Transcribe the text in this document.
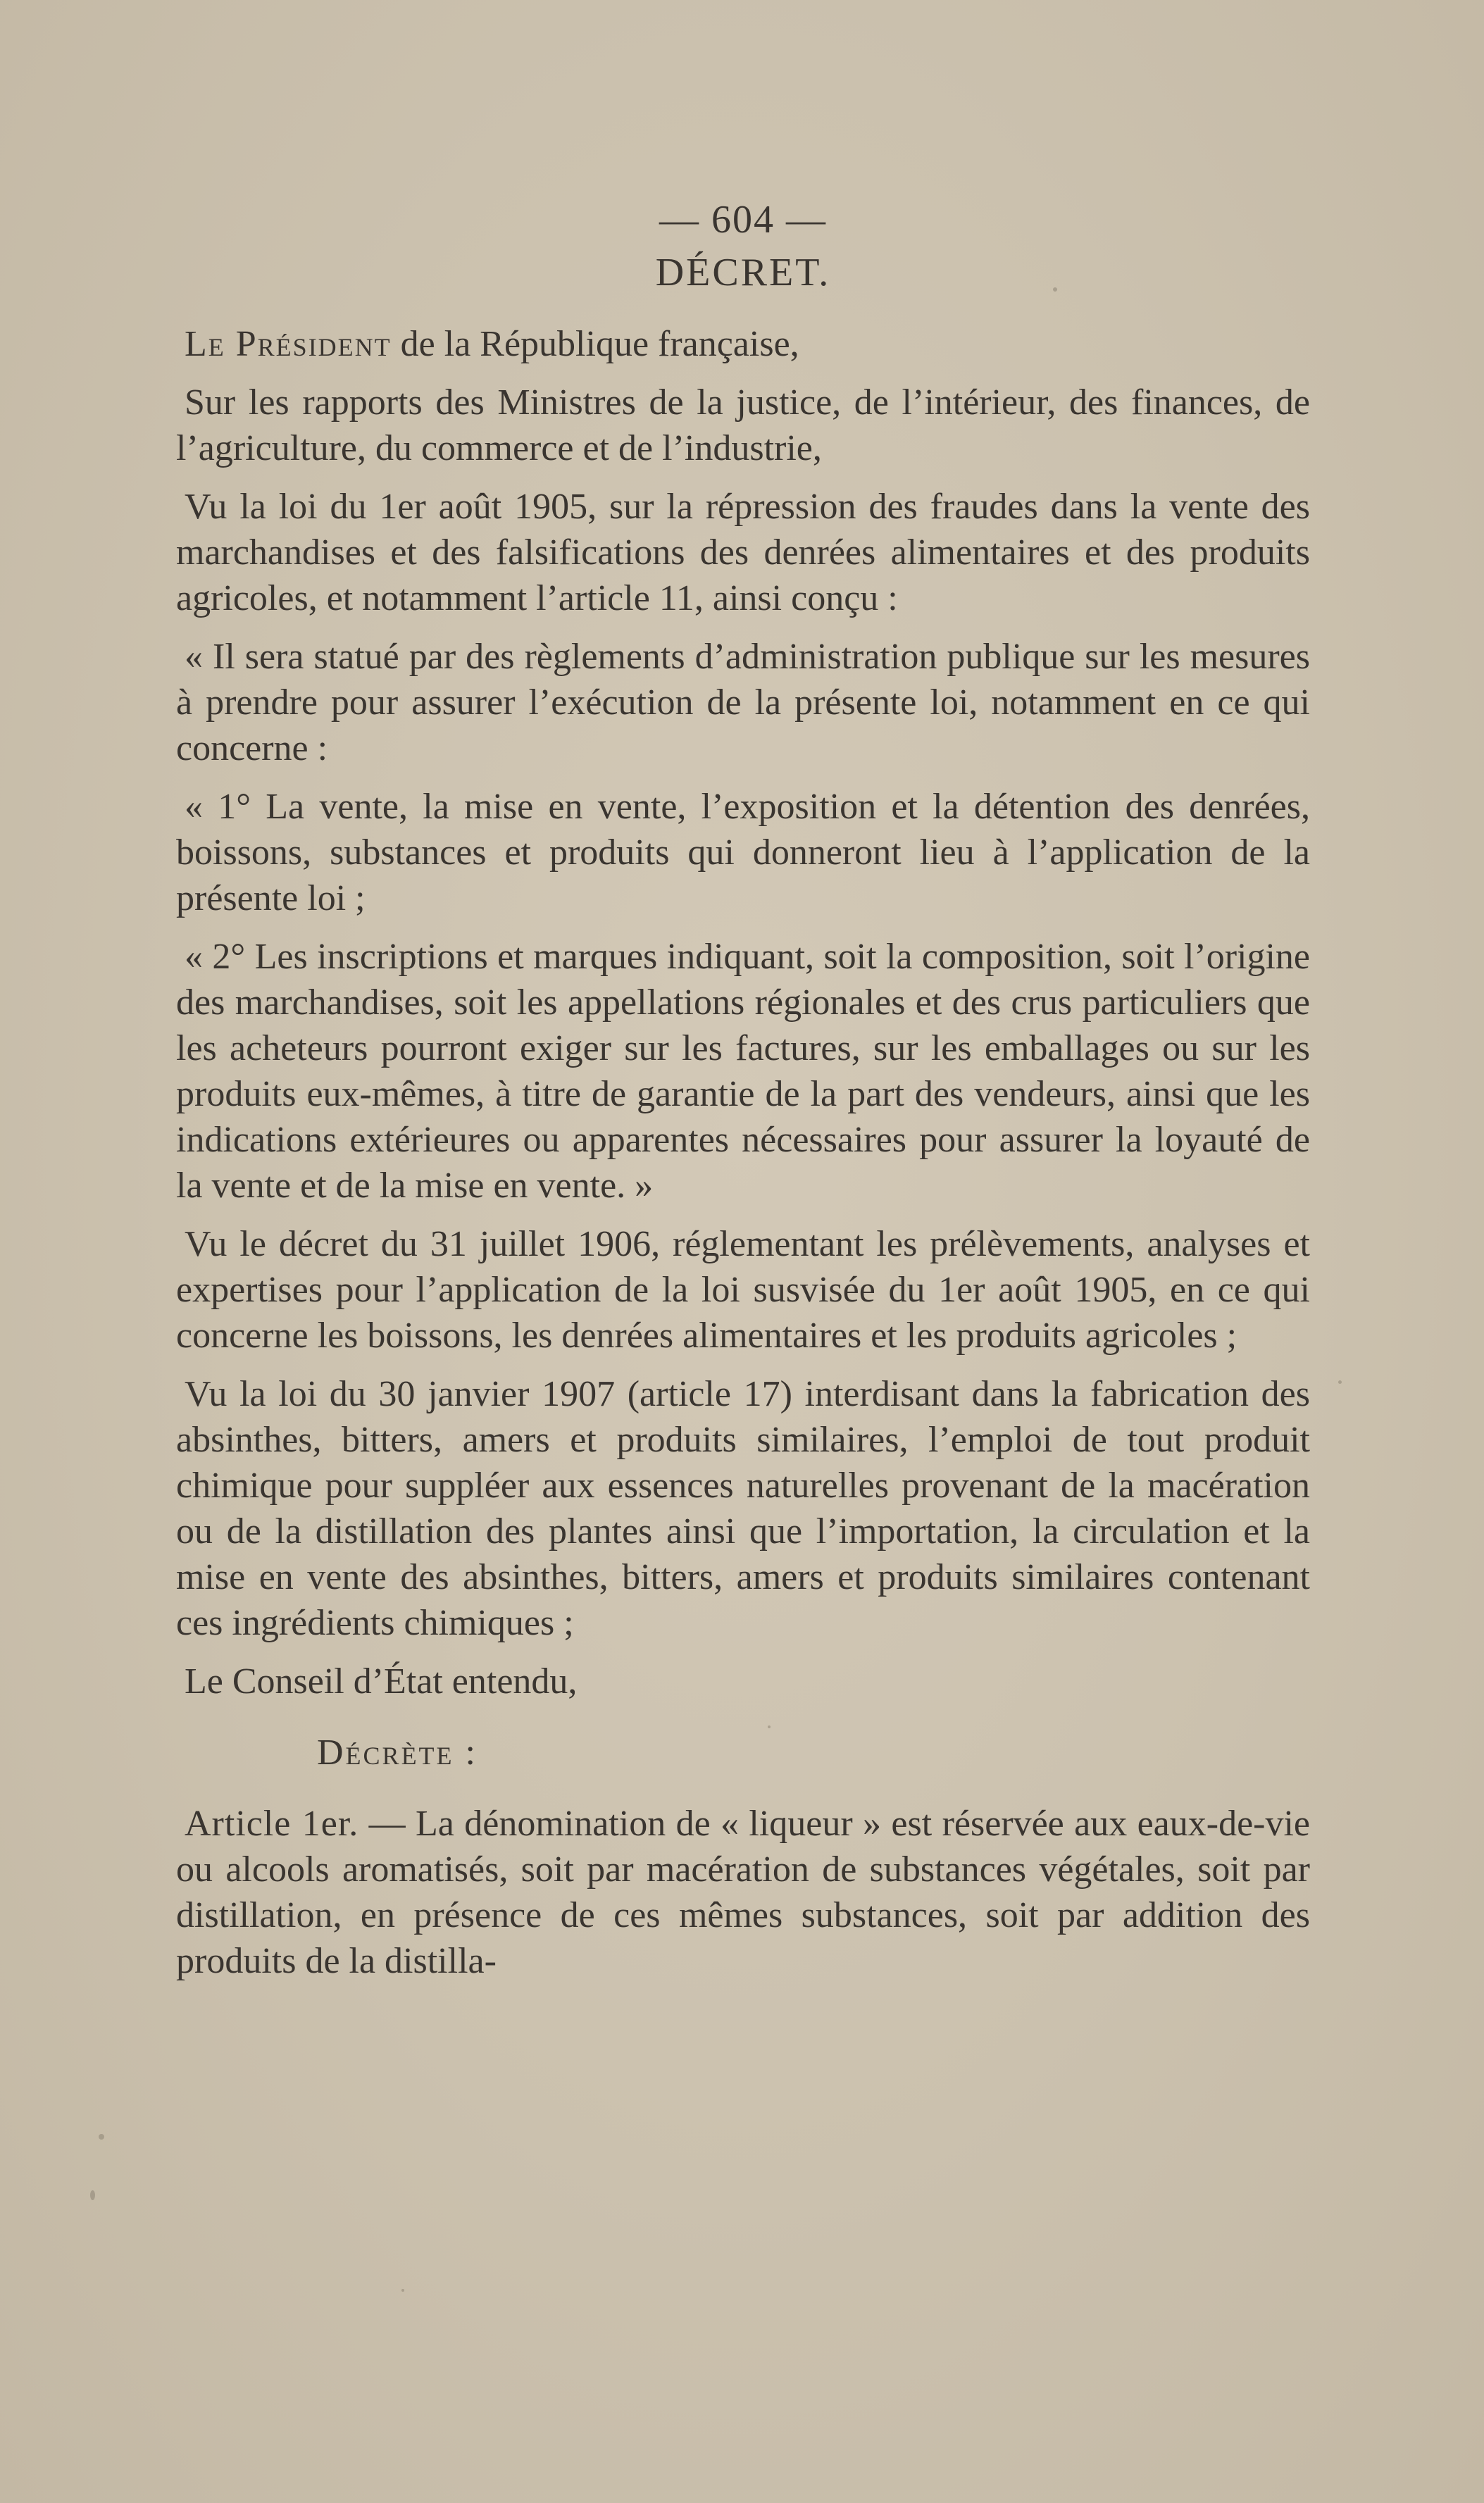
— 604 —
DÉCRET.

Le Président de la République française,

Sur les rapports des Ministres de la justice, de l’intérieur, des finances, de l’agriculture, du commerce et de l’industrie,

Vu la loi du 1er août 1905, sur la répression des fraudes dans la vente des marchandises et des falsifications des denrées alimentaires et des produits agricoles, et notamment l’article 11, ainsi conçu :

« Il sera statué par des règlements d’administration publique sur les mesures à prendre pour assurer l’exécution de la présente loi, notamment en ce qui concerne :

« 1° La vente, la mise en vente, l’exposition et la détention des denrées, boissons, substances et produits qui donneront lieu à l’application de la présente loi ;

« 2° Les inscriptions et marques indiquant, soit la composition, soit l’origine des marchandises, soit les appellations régionales et des crus particuliers que les acheteurs pourront exiger sur les factures, sur les emballages ou sur les produits eux-mêmes, à titre de garantie de la part des vendeurs, ainsi que les indications extérieures ou apparentes nécessaires pour assurer la loyauté de la vente et de la mise en vente. »

Vu le décret du 31 juillet 1906, réglementant les prélèvements, analyses et expertises pour l’application de la loi susvisée du 1er août 1905, en ce qui concerne les boissons, les denrées alimentaires et les produits agricoles ;

Vu la loi du 30 janvier 1907 (article 17) interdisant dans la fabrication des absinthes, bitters, amers et produits similaires, l’emploi de tout produit chimique pour suppléer aux essences naturelles provenant de la macération ou de la distillation des plantes ainsi que l’importation, la circulation et la mise en vente des absinthes, bitters, amers et produits similaires contenant ces ingrédients chimiques ;

Le Conseil d’État entendu,

Décrète :

Article 1er. — La dénomination de « liqueur » est réservée aux eaux-de-vie ou alcools aromatisés, soit par macération de substances végétales, soit par distillation, en présence de ces mêmes substances, soit par addition des produits de la distilla-
